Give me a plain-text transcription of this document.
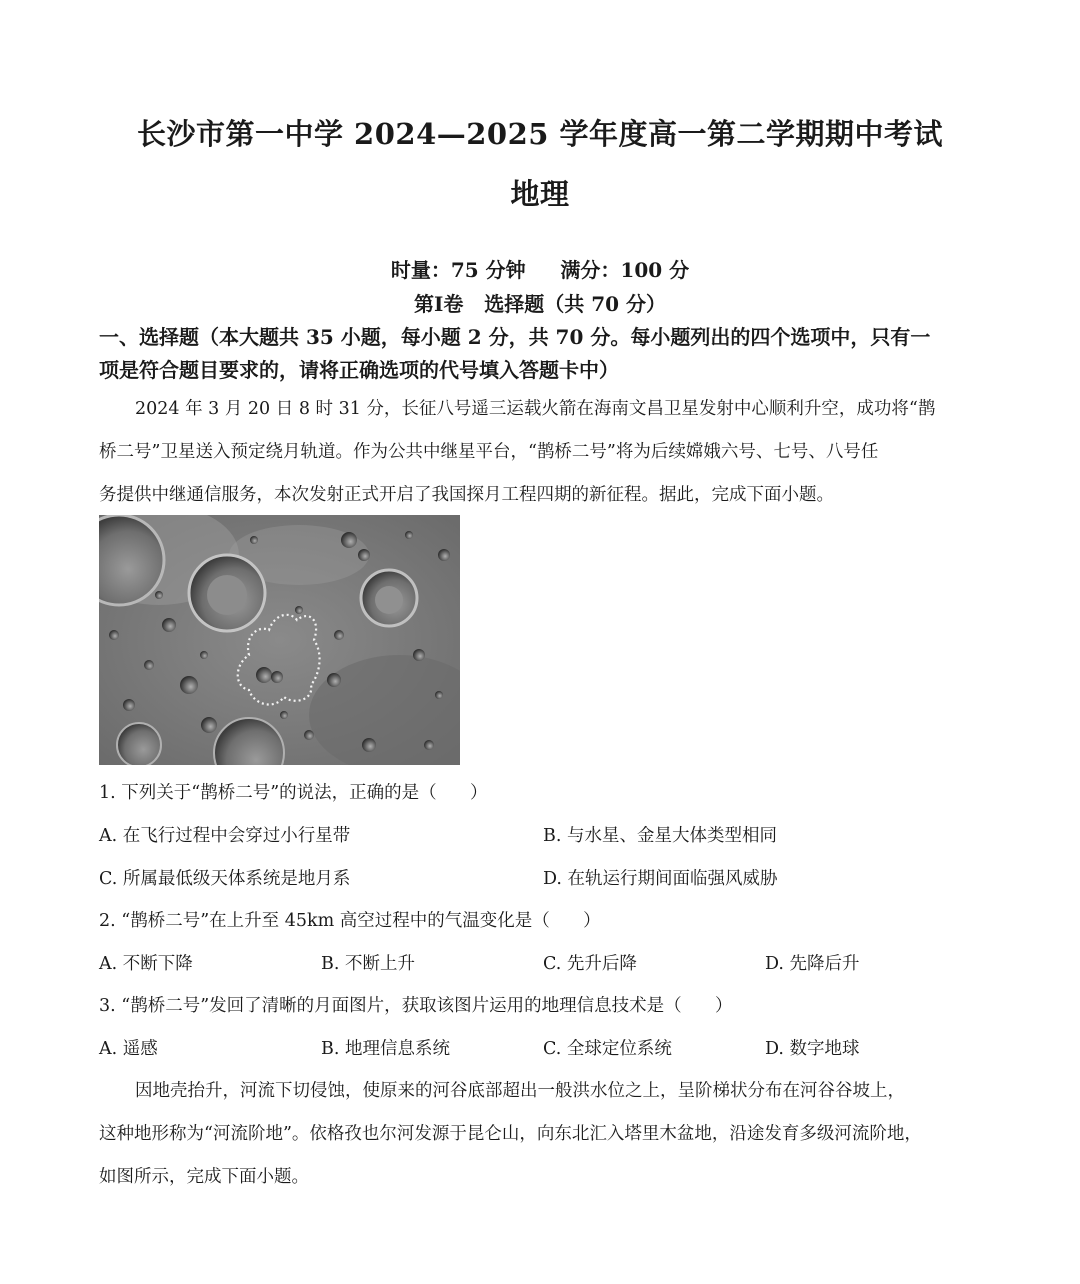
长沙市第一中学 2024—2025 学年度高一第二学期期中考试
地理
时量：75 分钟     满分：100 分
第Ⅰ卷   选择题（共 70 分）
一、选择题（本大题共 35 小题，每小题 2 分，共 70 分。每小题列出的四个选项中，只有一
项是符合题目要求的，请将正确选项的代号填入答题卡中）
2024 年 3 月 20 日 8 时 31 分，长征八号遥三运载火箭在海南文昌卫星发射中心顺利升空，成功将“鹊
桥二号”卫星送入预定绕月轨道。作为公共中继星平台，“鹊桥二号”将为后续嫦娥六号、七号、八号任
务提供中继通信服务，本次发射正式开启了我国探月工程四期的新征程。据此，完成下面小题。
1. 下列关于“鹊桥二号”的说法，正确的是（      ）
A. 在飞行过程中会穿过小行星带	B. 与水星、金星大体类型相同
C. 所属最低级天体系统是地月系	D. 在轨运行期间面临强风威胁
2. “鹊桥二号”在上升至 45km 高空过程中的气温变化是（      ）
A. 不断下降	B. 不断上升	C. 先升后降	D. 先降后升
3. “鹊桥二号”发回了清晰的月面图片，获取该图片运用的地理信息技术是（      ）
A. 遥感	B. 地理信息系统	C. 全球定位系统	D. 数字地球
因地壳抬升，河流下切侵蚀，使原来的河谷底部超出一般洪水位之上，呈阶梯状分布在河谷谷坡上，
这种地形称为“河流阶地”。依格孜也尔河发源于昆仑山，向东北汇入塔里木盆地，沿途发育多级河流阶地，
如图所示，完成下面小题。
